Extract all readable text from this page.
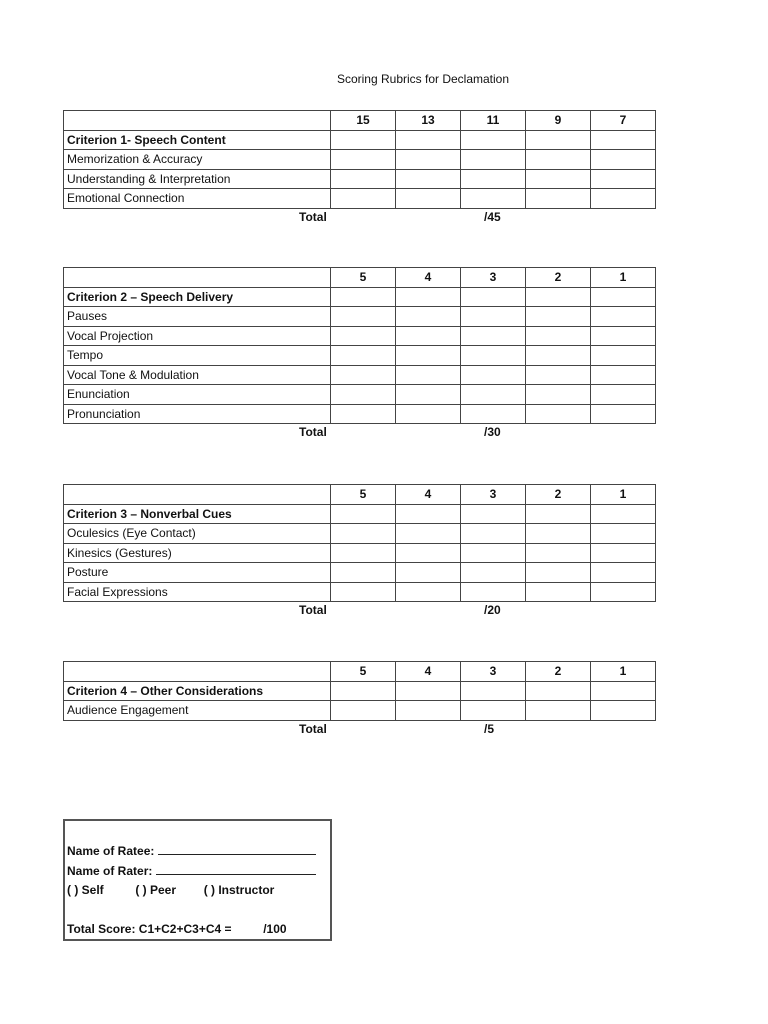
Scoring Rubrics for Declamation
	15	13	11	9	7
Criterion 1- Speech Content					
Memorization & Accuracy					
Understanding & Interpretation					
Emotional Connection					
Total	/45
	5	4	3	2	1
Criterion 2 – Speech Delivery					
Pauses					
Vocal Projection					
Tempo					
Vocal Tone & Modulation					
Enunciation					
Pronunciation					
Total	/30
	5	4	3	2	1
Criterion 3 – Nonverbal Cues					
Oculesics (Eye Contact)					
Kinesics (Gestures)					
Posture					
Facial Expressions					
Total	/20
	5	4	3	2	1
Criterion 4 – Other Considerations					
Audience Engagement					
Total	/5
Name of Ratee:
Name of Rater:
( ) Self	( ) Peer ( ) Instructor
Total Score: C1+C2+C3+C4 =	/100
